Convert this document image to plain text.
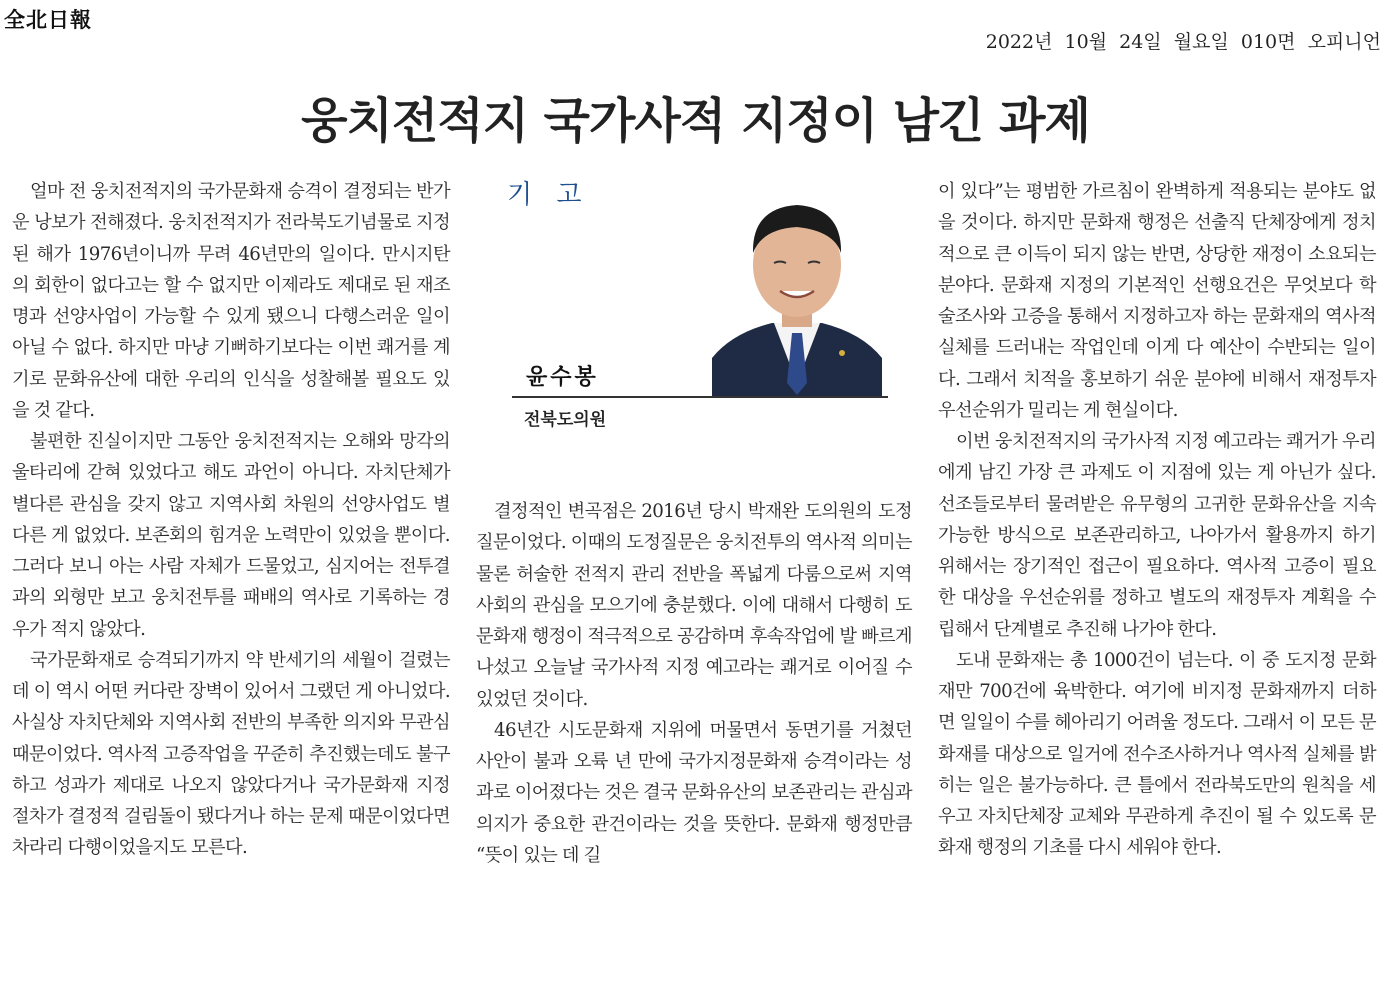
全北日報
2022년  10월  24일  월요일  010면  오피니언
웅치전적지 국가사적 지정이 남긴 과제

얼마 전 웅치전적지의 국가문화재 승격이 결정되는 반가운 낭보가 전해졌다. 웅치전적지가 전라북도기념물로 지정된 해가 1976년이니까 무려 46년만의 일이다. 만시지탄의 회한이 없다고는 할 수 없지만 이제라도 제대로 된 재조명과 선양사업이 가능할 수 있게 됐으니 다행스러운 일이 아닐 수 없다. 하지만 마냥 기뻐하기보다는 이번 쾌거를 계기로 문화유산에 대한 우리의 인식을 성찰해볼 필요도 있을 것 같다.

불편한 진실이지만 그동안 웅치전적지는 오해와 망각의 울타리에 갇혀 있었다고 해도 과언이 아니다. 자치단체가 별다른 관심을 갖지 않고 지역사회 차원의 선양사업도 별다른 게 없었다. 보존회의 힘겨운 노력만이 있었을 뿐이다. 그러다 보니 아는 사람 자체가 드물었고, 심지어는 전투결과의 외형만 보고 웅치전투를 패배의 역사로 기록하는 경우가 적지 않았다.

국가문화재로 승격되기까지 약 반세기의 세월이 걸렸는데 이 역시 어떤 커다란 장벽이 있어서 그랬던 게 아니었다. 사실상 자치단체와 지역사회 전반의 부족한 의지와 무관심 때문이었다. 역사적 고증작업을 꾸준히 추진했는데도 불구하고 성과가 제대로 나오지 않았다거나 국가문화재 지정 절차가 결정적 걸림돌이 됐다거나 하는 문제 때문이었다면 차라리 다행이었을지도 모른다.

기 고
윤수봉
전북도의원

결정적인 변곡점은 2016년 당시 박재완 도의원의 도정질문이었다. 이때의 도정질문은 웅치전투의 역사적 의미는 물론 허술한 전적지 관리 전반을 폭넓게 다룸으로써 지역사회의 관심을 모으기에 충분했다. 이에 대해서 다행히 도 문화재 행정이 적극적으로 공감하며 후속작업에 발 빠르게 나섰고 오늘날 국가사적 지정 예고라는 쾌거로 이어질 수 있었던 것이다.

46년간 시도문화재 지위에 머물면서 동면기를 거쳤던 사안이 불과 오륙 년 만에 국가지정문화재 승격이라는 성과로 이어졌다는 것은 결국 문화유산의 보존관리는 관심과 의지가 중요한 관건이라는 것을 뜻한다. 문화재 행정만큼 “뜻이 있는 데 길

이 있다”는 평범한 가르침이 완벽하게 적용되는 분야도 없을 것이다. 하지만 문화재 행정은 선출직 단체장에게 정치적으로 큰 이득이 되지 않는 반면, 상당한 재정이 소요되는 분야다. 문화재 지정의 기본적인 선행요건은 무엇보다 학술조사와 고증을 통해서 지정하고자 하는 문화재의 역사적 실체를 드러내는 작업인데 이게 다 예산이 수반되는 일이다. 그래서 치적을 홍보하기 쉬운 분야에 비해서 재정투자 우선순위가 밀리는 게 현실이다.

이번 웅치전적지의 국가사적 지정 예고라는 쾌거가 우리에게 남긴 가장 큰 과제도 이 지점에 있는 게 아닌가 싶다. 선조들로부터 물려받은 유무형의 고귀한 문화유산을 지속가능한 방식으로 보존관리하고, 나아가서 활용까지 하기 위해서는 장기적인 접근이 필요하다. 역사적 고증이 필요한 대상을 우선순위를 정하고 별도의 재정투자 계획을 수립해서 단계별로 추진해 나가야 한다.

도내 문화재는 총 1000건이 넘는다. 이 중 도지정 문화재만 700건에 육박한다. 여기에 비지정 문화재까지 더하면 일일이 수를 헤아리기 어려울 정도다. 그래서 이 모든 문화재를 대상으로 일거에 전수조사하거나 역사적 실체를 밝히는 일은 불가능하다. 큰 틀에서 전라북도만의 원칙을 세우고 자치단체장 교체와 무관하게 추진이 될 수 있도록 문화재 행정의 기초를 다시 세워야 한다.
